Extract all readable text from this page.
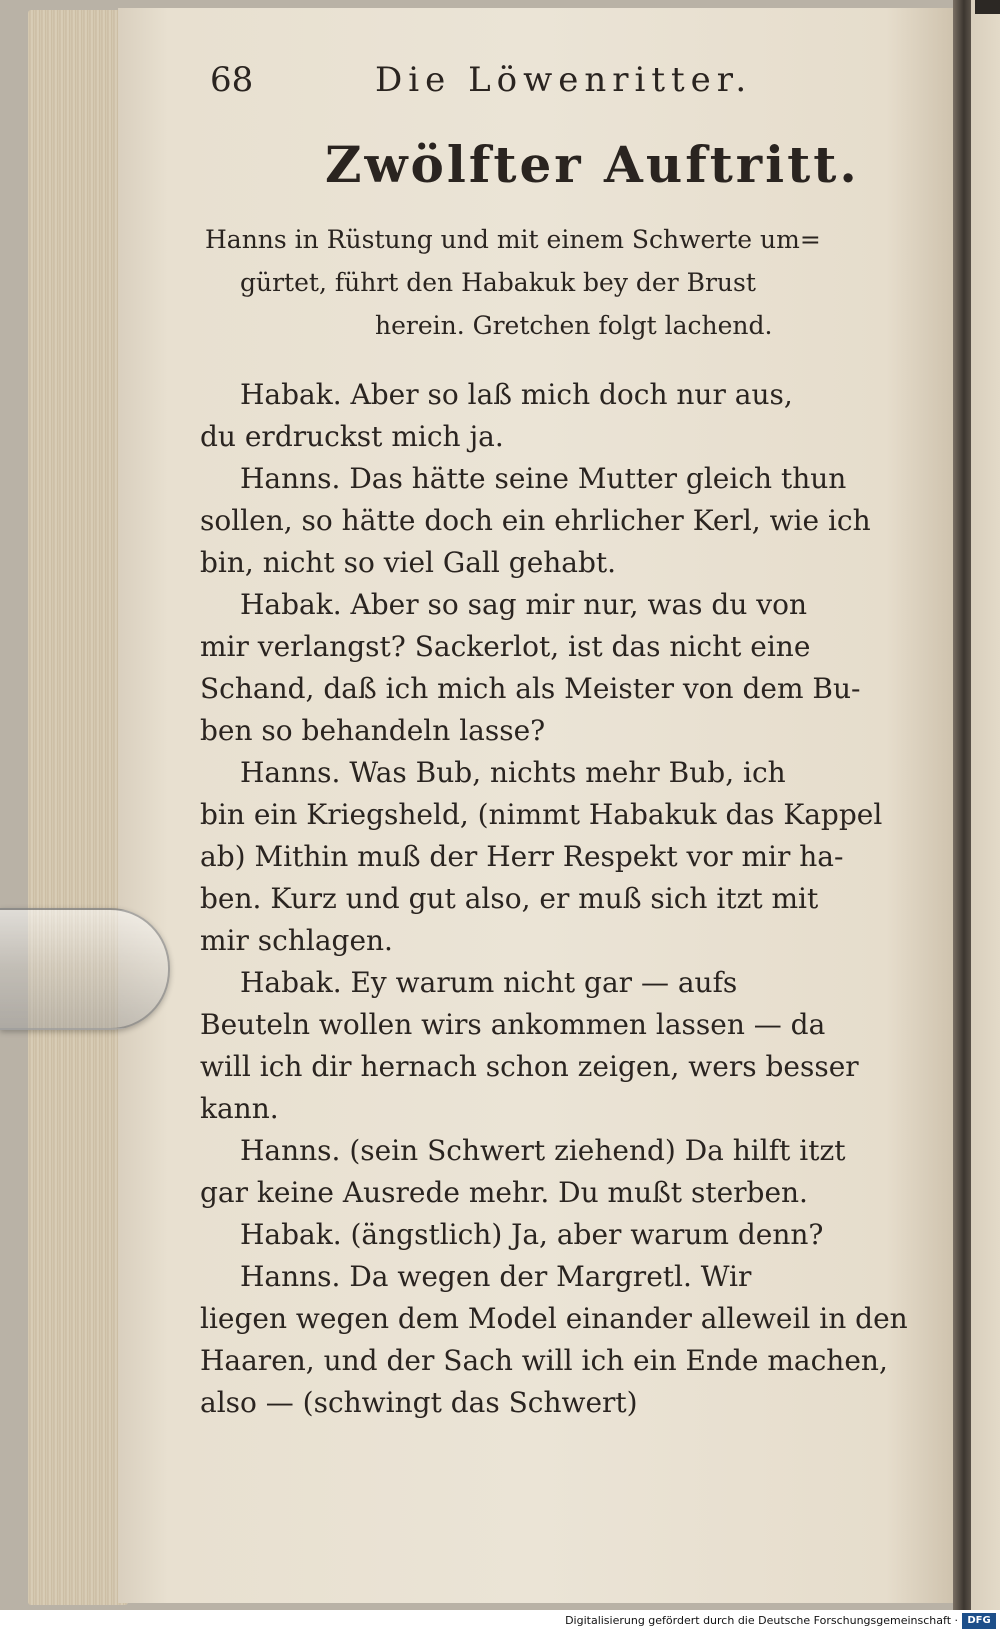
68	Die Löwenritter.
Zwölfter Auftritt.
Hanns in Rüstung und mit einem Schwerte um=
gürtet, führt den Habakuk bey der Brust
herein. Gretchen folgt lachend.
Habak. Aber so laß mich doch nur aus,
du erdruckst mich ja.
Hanns. Das hätte seine Mutter gleich thun
sollen, so hätte doch ein ehrlicher Kerl, wie ich
bin, nicht so viel Gall gehabt.
Habak. Aber so sag mir nur, was du von
mir verlangst? Sackerlot, ist das nicht eine
Schand, daß ich mich als Meister von dem Bu-
ben so behandeln lasse?
Hanns. Was Bub, nichts mehr Bub, ich
bin ein Kriegsheld, (nimmt Habakuk das Kappel
ab) Mithin muß der Herr Respekt vor mir ha-
ben. Kurz und gut also, er muß sich itzt mit
mir schlagen.
Habak. Ey warum nicht gar — aufs
Beuteln wollen wirs ankommen lassen — da
will ich dir hernach schon zeigen, wers besser
kann.
Hanns. (sein Schwert ziehend) Da hilft itzt
gar keine Ausrede mehr. Du mußt sterben.
Habak. (ängstlich) Ja, aber warum denn?
Hanns. Da wegen der Margretl. Wir
liegen wegen dem Model einander alleweil in den
Haaren, und der Sach will ich ein Ende machen,
also — (schwingt das Schwert)
Digitalisierung gefördert durch die Deutsche Forschungsgemeinschaft · DFG
